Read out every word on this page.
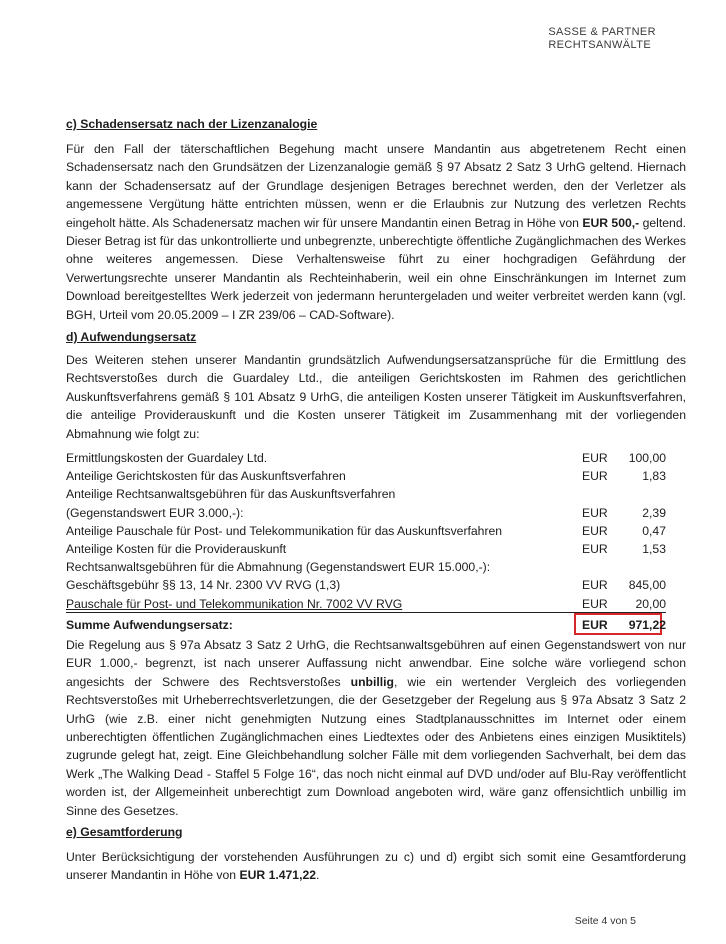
SASSE & PARTNER
RECHTSANWÄLTE

c) Schadensersatz nach der Lizenzanalogie

Für den Fall der täterschaftlichen Begehung macht unsere Mandantin aus abgetretenem Recht einen Schadensersatz nach den Grundsätzen der Lizenzanalogie gemäß § 97 Absatz 2 Satz 3 UrhG geltend. Hiernach kann der Schadensersatz auf der Grundlage desjenigen Betrages berechnet werden, den der Verletzer als angemessene Vergütung hätte entrichten müssen, wenn er die Erlaubnis zur Nutzung des verletzen Rechts eingeholt hätte. Als Schadenersatz machen wir für unsere Mandantin einen Betrag in Höhe von EUR 500,- geltend. Dieser Betrag ist für das unkontrollierte und unbegrenzte, unberechtigte öffentliche Zugänglichmachen des Werkes ohne weiteres angemessen. Diese Verhaltensweise führt zu einer hochgradigen Gefährdung der Verwertungsrechte unserer Mandantin als Rechteinhaberin, weil ein ohne Einschränkungen im Internet zum Download bereitgestelltes Werk jederzeit von jedermann heruntergeladen und weiter verbreitet werden kann (vgl. BGH, Urteil vom 20.05.2009 – I ZR 239/06 – CAD-Software).

d) Aufwendungsersatz

Des Weiteren stehen unserer Mandantin grundsätzlich Aufwendungsersatzansprüche für die Ermittlung des Rechtsverstoßes durch die Guardaley Ltd., die anteiligen Gerichtskosten im Rahmen des gerichtlichen Auskunftsverfahrens gemäß § 101 Absatz 9 UrhG, die anteiligen Kosten unserer Tätigkeit im Auskunftsverfahren, die anteilige Providerauskunft und die Kosten unserer Tätigkeit im Zusammenhang mit der vorliegenden Abmahnung wie folgt zu:

Ermittlungskosten der Guardaley Ltd.	EUR 100,00
Anteilige Gerichtskosten für das Auskunftsverfahren	EUR	1,83
Anteilige Rechtsanwaltsgebühren für das Auskunftsverfahren
(Gegenstandswert EUR 3.000,-):	EUR	2,39
Anteilige Pauschale für Post- und Telekommunikation für das Auskunftsverfahren	EUR	0,47
Anteilige Kosten für die Providerauskunft	EUR	1,53
Rechtsanwaltsgebühren für die Abmahnung (Gegenstandswert EUR 15.000,-):
Geschäftsgebühr §§ 13, 14 Nr. 2300 VV RVG (1,3)	EUR 845,00
Pauschale für Post- und Telekommunikation Nr. 7002 VV RVG	EUR 20,00
Summe Aufwendungsersatz:	EUR 971,22

Die Regelung aus § 97a Absatz 3 Satz 2 UrhG, die Rechtsanwaltsgebühren auf einen Gegenstandswert von nur EUR 1.000,- begrenzt, ist nach unserer Auffassung nicht anwendbar. Eine solche wäre vorliegend schon angesichts der Schwere des Rechtsverstoßes unbillig, wie ein wertender Vergleich des vorliegenden Rechtsverstoßes mit Urheberrechtsverletzungen, die der Gesetzgeber der Regelung aus § 97a Absatz 3 Satz 2 UrhG (wie z.B. einer nicht genehmigten Nutzung eines Stadtplanausschnittes im Internet oder einem unberechtigten öffentlichen Zugänglichmachen eines Liedtextes oder des Anbietens eines einzigen Musiktitels) zugrunde gelegt hat, zeigt. Eine Gleichbehandlung solcher Fälle mit dem vorliegenden Sachverhalt, bei dem das Werk „The Walking Dead - Staffel 5 Folge 16“, das noch nicht einmal auf DVD und/oder auf Blu-Ray veröffentlicht worden ist, der Allgemeinheit unberechtigt zum Download angeboten wird, wäre ganz offensichtlich unbillig im Sinne des Gesetzes.

e) Gesamtforderung

Unter Berücksichtigung der vorstehenden Ausführungen zu c) und d) ergibt sich somit eine Gesamtforderung unserer Mandantin in Höhe von EUR 1.471,22.

Seite 4 von 5
